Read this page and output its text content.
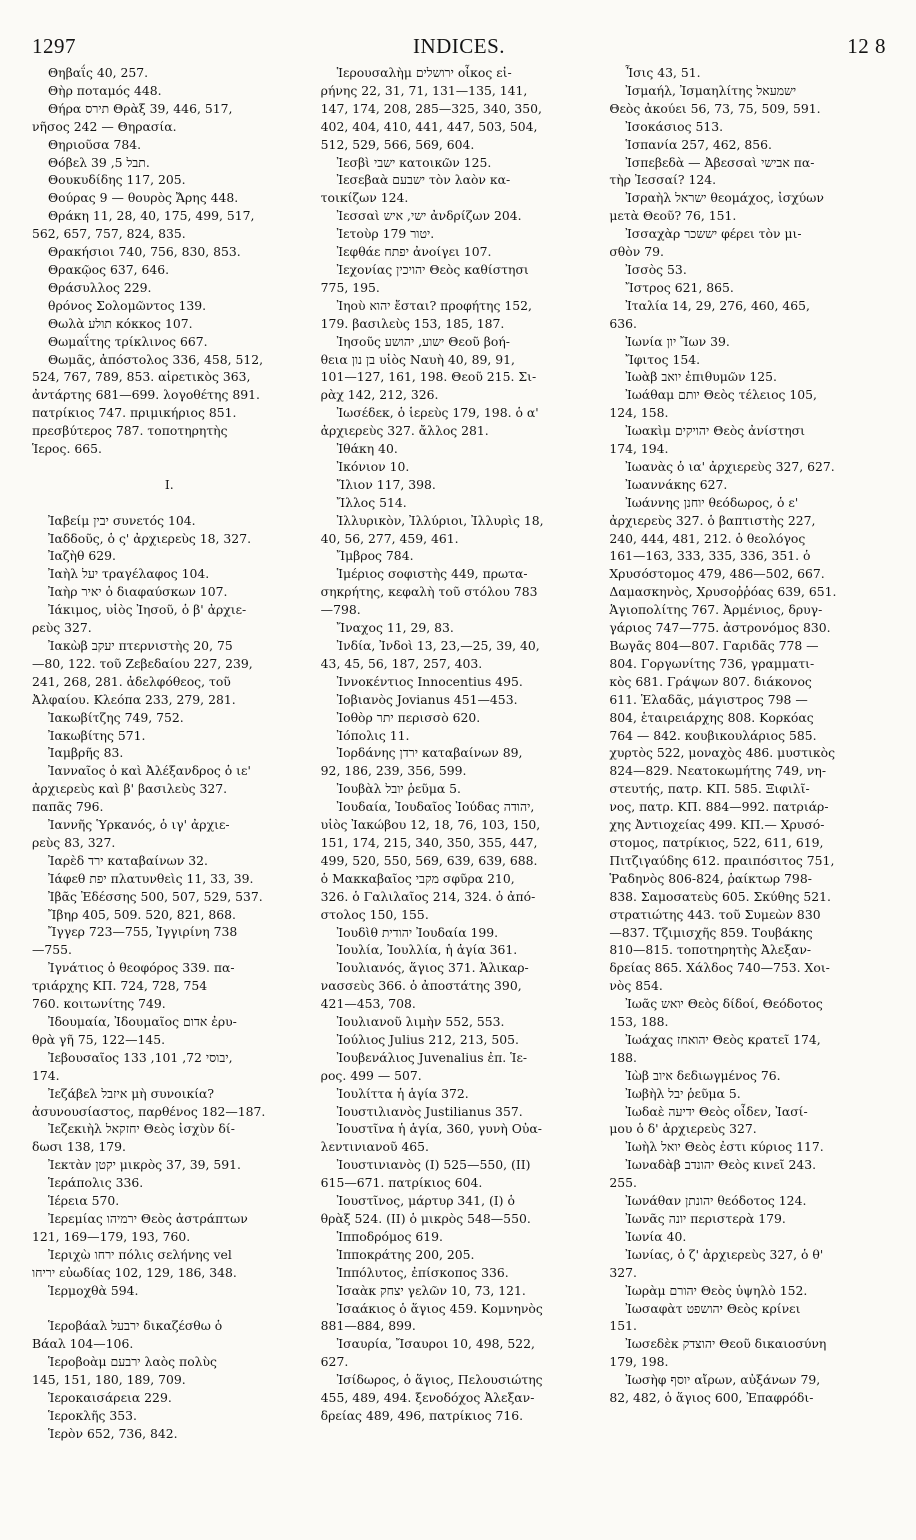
1297	INDICES.	12 8
Θηβαΐς 40, 257.
Θὴρ ποταμός 448.
Θήρα תירס Θρὰξ 39, 446, 517,
νῆσος 242 — Θηρασία.
Θηριοῦσα 784.
Θόβελ תבל 5, 39.
Θουκυδίδης 117, 205.
Θούρας 9 — θουρὸς Ἄρης 448.
Θράκη 11, 28, 40, 175, 499, 517,
562, 657, 757, 824, 835.
Θρακήσιοι 740, 756, 830, 853.
Θρακῷος 637, 646.
Θράσυλλος 229.
θρόνος Σολομῶντος 139.
Θωλὰ תולע κόκκος 107.
Θωμαΐτης τρίκλινος 667.
Θωμᾶς, ἀπόστολος 336, 458, 512,
524, 767, 789, 853. αἱρετικὸς 363,
ἀντάρτης 681—699. λογοθέτης 891.
πατρίκιος 747. πριμικήριος 851.
πρεσβύτερος 787. τοποτηρητὴς
Ἱερος. 665.
I.
Ἰαβείμ יבין συνετός 104.
Ἰαδδοῦς, ὁ ς' ἀρχιερεὺς 18, 327.
Ἰαζὴθ 629.
Ἰαὴλ יעל τραγέλαφος 104.
Ἰαὴρ יאיר ὁ διαφαύσκων 107.
Ἰάκιμος, υἱὸς Ἰησοῦ, ὁ β' ἀρχιε-
ρεὺς 327.
Ἰακὼβ יעקב πτερνιστὴς 20, 75
—80, 122. τοῦ Ζεβεδαίου 227, 239,
241, 268, 281. ἀδελφόθεος, τοῦ
Ἀλφαίου. Κλεόπα 233, 279, 281.
Ἰακωβίτζης 749, 752.
Ἰακωβίτης 571.
Ἰαμβρῆς 83.
Ἰανναῖος ὁ καὶ Ἀλέξανδρος ὁ ιε'
ἀρχιερεὺς καὶ β' βασιλεὺς 327.
παπᾶς 796.
Ἰαννῆς Ὑρκανός, ὁ ιγ' ἀρχιε-
ρεὺς 83, 327.
Ἰαρὲδ ירד καταβαίνων 32.
Ἰάφεθ יפת πλατυνθεὶς 11, 33, 39.
Ἰβᾶς Ἐδέσσης 500, 507, 529, 537.
Ἴβηρ 405, 509. 520, 821, 868.
Ἴγγερ 723—755, Ἰγγιρίνη 738
—755.
Ἰγνάτιος ὁ θεοφόρος 339. πα-
τριάρχης ΚΠ. 724, 728, 754
760. κοιτωνίτης 749.
Ἰδουμαία, Ἰδουμαῖος אדום ἐρυ-
θρὰ γῆ 75, 122—145.
Ἰεβουσαῖος יבוסי 72, 101, 133,
174.
Ἰεζάβελ איזבל μὴ συνοικία?
ἀσυνουσίαστος, παρθένος 182—187.
Ἰεζεκιὴλ יחזקאל Θεὸς ἰσχὺν δί-
δωσι 138, 179.
Ἰεκτὰν יקטן μικρὸς 37, 39, 591.
Ἱεράπολις 336.
Ἱέρεια 570.
Ἰερεμίας ירמיהו Θεὸς ἀστράπτων
121, 169—179, 193, 760.
Ἰεριχὼ ירחו πόλις σελήνης vel
יריחו εὐωδίας 102, 129, 186, 348.
Ἱερμοχθὰ 594.
Ἱεροβάαλ ירבעל δικαζέσθω ὁ
Βάαλ 104—106.
Ἱεροβοὰμ ירבעם λαὸς πολὺς
145, 151, 180, 189, 709.
Ἱεροκαισάρεια 229.
Ἱεροκλῆς 353.
Ἱερὸν 652, 736, 842.
Ἱερουσαλὴμ ירושלים οἶκος εἰ-
ρήνης 22, 31, 71, 131—135, 141,
147, 174, 208, 285—325, 340, 350,
402, 404, 410, 441, 447, 503, 504,
512, 529, 566, 569, 604.
Ἰεσβὶ ישבי κατοικῶν 125.
Ἰεσεβαὰ ישבעם τὸν λαὸν κα-
τοικίζων 124.
Ἰεσσαὶ ישי, איש ἀνδρίζων 204.
Ἰετοὺρ יטור 179.
Ἰεφθάε יפתח ἀνοίγει 107.
Ἰεχονίας יהויכין Θεὸς καθίστησι
775, 195.
Ἰηοὺ יהוא ἔσται? προφήτης 152,
179. βασιλεὺς 153, 185, 187.
Ἰησοῦς ישוע, יהושע Θεοῦ βοή-
θεια בן נון υἱὸς Ναυὴ 40, 89, 91,
101—127, 161, 198. Θεοῦ 215. Σι-
ρὰχ 142, 212, 326.
Ἰωσέδεκ, ὁ ἱερεὺς 179, 198. ὁ α'
ἀρχιερεὺς 327. ἄλλος 281.
Ἰθάκη 40.
Ἰκόνιον 10.
Ἴλιον 117, 398.
Ἴλλος 514.
Ἰλλυρικὸν, Ἰλλύριοι, Ἰλλυρὶς 18,
40, 56, 277, 459, 461.
Ἴμβρος 784.
Ἱμέριος σοφιστὴς 449, πρωτα-
σηκρήτης, κεφαλὴ τοῦ στόλου 783
—798.
Ἴναχος 11, 29, 83.
Ἰνδία, Ἰνδοὶ 13, 23,—25, 39, 40,
43, 45, 56, 187, 257, 403.
Ἰννοκέντιος Innocentius 495.
Ἰοβιανὸς Jovianus 451—453.
Ἰοθὸρ יתר περισσὸ 620.
Ἰόπολις 11.
Ἰορδάνης ירדן καταβαίνων 89,
92, 186, 239, 356, 599.
Ἰουβὰλ יובל ῥεῦμα 5.
Ἰουδαία, Ἰουδαῖος Ἰούδας יהודה,
υἱὸς Ἰακώβου 12, 18, 76, 103, 150,
151, 174, 215, 340, 350, 355, 447,
499, 520, 550, 569, 639, 639, 688.
ὁ Μακκαβαῖος מקבי σφῦρα 210,
326. ὁ Γαλιλαῖος 214, 324. ὁ ἀπό-
στολος 150, 155.
Ἰουδὶθ יהודית Ἰουδαία 199.
Ἰουλία, Ἰουλλία, ἡ ἁγία 361.
Ἰουλιανός, ἅγιος 371. Ἁλικαρ-
νασσεὺς 366. ὁ ἀποστάτης 390,
421—453, 708.
Ἰουλιανοῦ λιμὴν 552, 553.
Ἰούλιος Julius 212, 213, 505.
Ἰουβενάλιος Juvenalius ἐπ. Ἱε-
ρος. 499 — 507.
Ἰουλίττα ἡ ἁγία 372.
Ἰουστιλιανὸς Justilianus 357.
Ἰουστῖνα ἡ ἁγία, 360, γυνὴ Οὐα-
λεντινιανοῦ 465.
Ἰουστινιανὸς (I) 525—550, (II)
615—671. πατρίκιος 604.
Ἰουστῖνος, μάρτυρ 341, (I) ὁ
θρὰξ 524. (II) ὁ μικρὸς 548—550.
Ἱπποδρόμος 619.
Ἱπποκράτης 200, 205.
Ἱππόλυτος, ἐπίσκοπος 336.
Ἰσαὰκ יצחק γελῶν 10, 73, 121.
Ἰσαάκιος ὁ ἅγιος 459. Κομνηνὸς
881—884, 899.
Ἰσαυρία, Ἴσαυροι 10, 498, 522,
627.
Ἰσίδωρος, ὁ ἅγιος, Πελουσιώτης
455, 489, 494. ξενοδόχος Ἀλεξαν-
δρείας 489, 496, πατρίκιος 716.
Ἶσις 43, 51.
Ἰσμαήλ, Ἰσμαηλίτης ישמעאל
Θεὸς ἀκούει 56, 73, 75, 509, 591.
Ἰσοκάσιος 513.
Ἱσπανία 257, 462, 856.
Ἰσπεβεδὰ — Ἀβεσσαὶ אבישי πα-
τὴρ Ἰεσσαί? 124.
Ἰσραὴλ ישראל θεομάχος, ἰσχύων
μετὰ Θεοῦ? 76, 151.
Ἰσσαχὰρ יששכר φέρει τὸν μι-
σθὸν 79.
Ἰσσὸς 53.
Ἴστρος 621, 865.
Ἰταλία 14, 29, 276, 460, 465,
636.
Ἰωνία יון Ἴων 39.
Ἴφιτος 154.
Ἰωὰβ יואב ἐπιθυμῶν 125.
Ἰωάθαμ יותם Θεὸς τέλειος 105,
124, 158.
Ἰωακὶμ יהויקים Θεὸς ἀνίστησι
174, 194.
Ἰωανὰς ὁ ια' ἀρχιερεὺς 327, 627.
Ἰωαννάκης 627.
Ἰωάννης יוחנן θεόδωρος, ὁ ε'
ἀρχιερεὺς 327. ὁ βαπτιστὴς 227,
240, 444, 481, 212. ὁ θεολόγος
161—163, 333, 335, 336, 351. ὁ
Χρυσόστομος 479, 486—502, 667.
Δαμασκηνὸς, Χρυσοῤῥόας 639, 651.
Ἁγιοπολίτης 767. Ἀρμένιος, δρυγ-
γάριος 747—775. ἀστρονόμος 830.
Βωγᾶς 804—807. Γαριδᾶς 778 —
804. Γοργωνίτης 736, γραμματι-
κὸς 681. Γράψων 807. διάκονος
611. Ἑλαδᾶς, μάγιστρος 798 —
804, ἑταιρειάρχης 808. Κορκόας
764 — 842. κουβικουλάριος 585.
χυρτὸς 522, μοναχὸς 486. μυστικὸς
824—829. Νεατοκωμήτης 749, νη-
στευτής, πατρ. ΚΠ. 585. Ξιφιλῖ-
νος, πατρ. ΚΠ. 884—992. πατριάρ-
χης Ἀντιοχείας 499. ΚΠ.— Χρυσό-
στομος, πατρίκιος, 522, 611, 619,
Πιτζιγαύδης 612. πραιπόσιτος 751,
Ῥαδηνὸς 806-824, ῥαίκτωρ 798-
838. Σαμοσατεὺς 605. Σκύθης 521.
στρατιώτης 443. τοῦ Συμεὼν 830
—837. Τζιμισχῆς 859. Τουβάκης
810—815. τοποτηρητὴς Ἀλεξαν-
δρείας 865. Χάλδος 740—753. Χοι-
νὸς 854.
Ἰωᾶς יואש Θεὸς δίδοί, Θεόδοτος
153, 188.
Ἰωάχας יהואחז Θεὸς κρατεῖ 174,
188.
Ἰὼβ איוב δεδιωγμένος 76.
Ἰωβὴλ יבל ῥεῦμα 5.
Ἰωδαὲ ידיעה Θεὸς οἶδεν, Ἰασί-
μου ὁ δ' ἀρχιερεὺς 327.
Ἰωὴλ יואל Θεὸς ἐστι κύριος 117.
Ἰωναδὰβ יהונדב Θεὸς κινεῖ 243.
255.
Ἰωνάθαν יהונתן θεόδοτος 124.
Ἰωνᾶς יונה περιστερὰ 179.
Ἰωνία 40.
Ἰωνίας, ὁ ζ' ἀρχιερεὺς 327, ὁ θ'
327.
Ἰωρὰμ יהורם Θεὸς ὑψηλὸ 152.
Ἰωσαφὰτ יהושפט Θεὸς κρίνει
151.
Ἰωσεδὲκ יהוצדק Θεοῦ δικαιοσύνη
179, 198.
Ἰωσὴφ יוסף αἴρων, αὐξάνων 79,
82, 482, ὁ ἅγιος 600, Ἐπαφρόδι-
